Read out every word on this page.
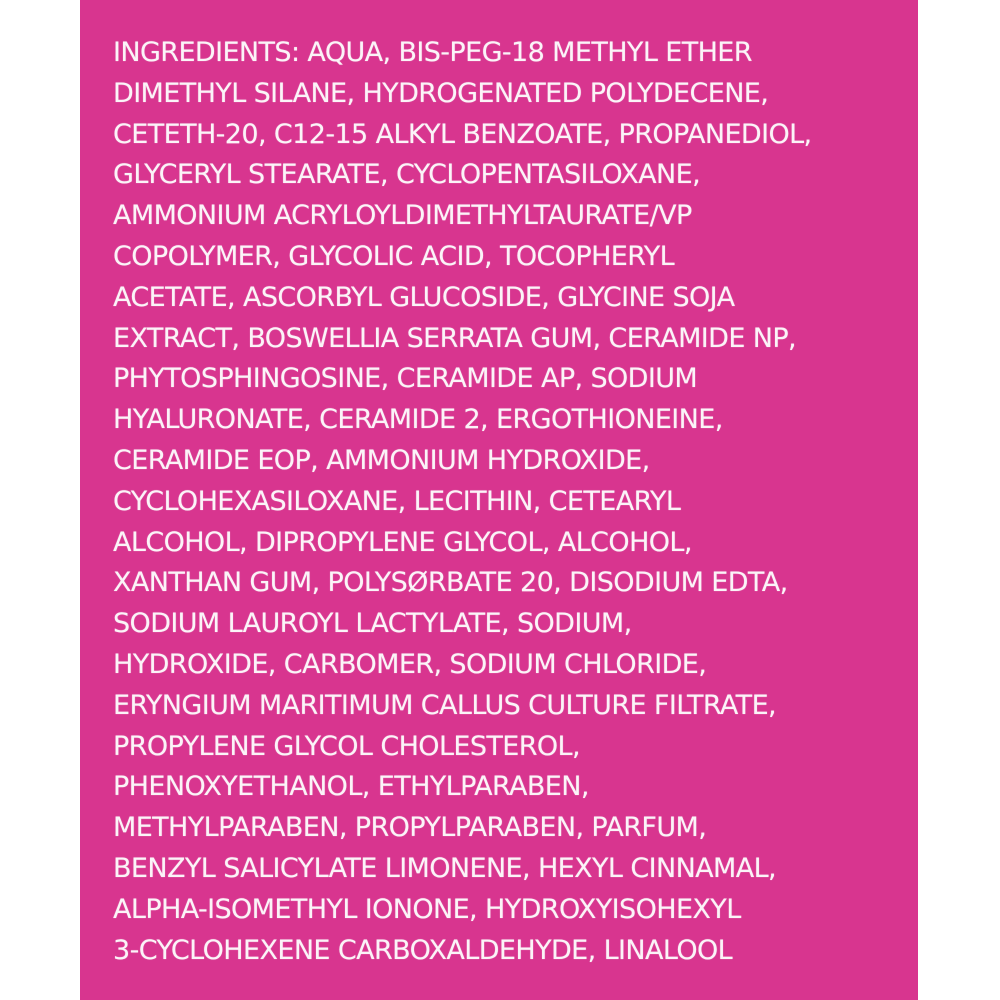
INGREDIENTS: AQUA, BIS-PEG-18 METHYL ETHER
DIMETHYL SILANE, HYDROGENATED POLYDECENE,
CETETH-20, C12-15 ALKYL BENZOATE, PROPANEDIOL,
GLYCERYL STEARATE, CYCLOPENTASILOXANE,
AMMONIUM ACRYLOYLDIMETHYLTAURATE/VP
COPOLYMER, GLYCOLIC ACID, TOCOPHERYL
ACETATE, ASCORBYL GLUCOSIDE, GLYCINE SOJA
EXTRACT, BOSWELLIA SERRATA GUM, CERAMIDE NP,
PHYTOSPHINGOSINE, CERAMIDE AP, SODIUM
HYALURONATE, CERAMIDE 2, ERGOTHIONEINE,
CERAMIDE EOP, AMMONIUM HYDROXIDE,
CYCLOHEXASILOXANE, LECITHIN, CETEARYL
ALCOHOL, DIPROPYLENE GLYCOL, ALCOHOL,
XANTHAN GUM, POLYSØRBATE 20, DISODIUM EDTA,
SODIUM LAUROYL LACTYLATE, SODIUM,
HYDROXIDE, CARBOMER, SODIUM CHLORIDE,
ERYNGIUM MARITIMUM CALLUS CULTURE FILTRATE,
PROPYLENE GLYCOL CHOLESTEROL,
PHENOXYETHANOL, ETHYLPARABEN,
METHYLPARABEN, PROPYLPARABEN, PARFUM,
BENZYL SALICYLATE LIMONENE, HEXYL CINNAMAL,
ALPHA-ISOMETHYL IONONE, HYDROXYISOHEXYL
3-CYCLOHEXENE CARBOXALDEHYDE, LINALOOL
